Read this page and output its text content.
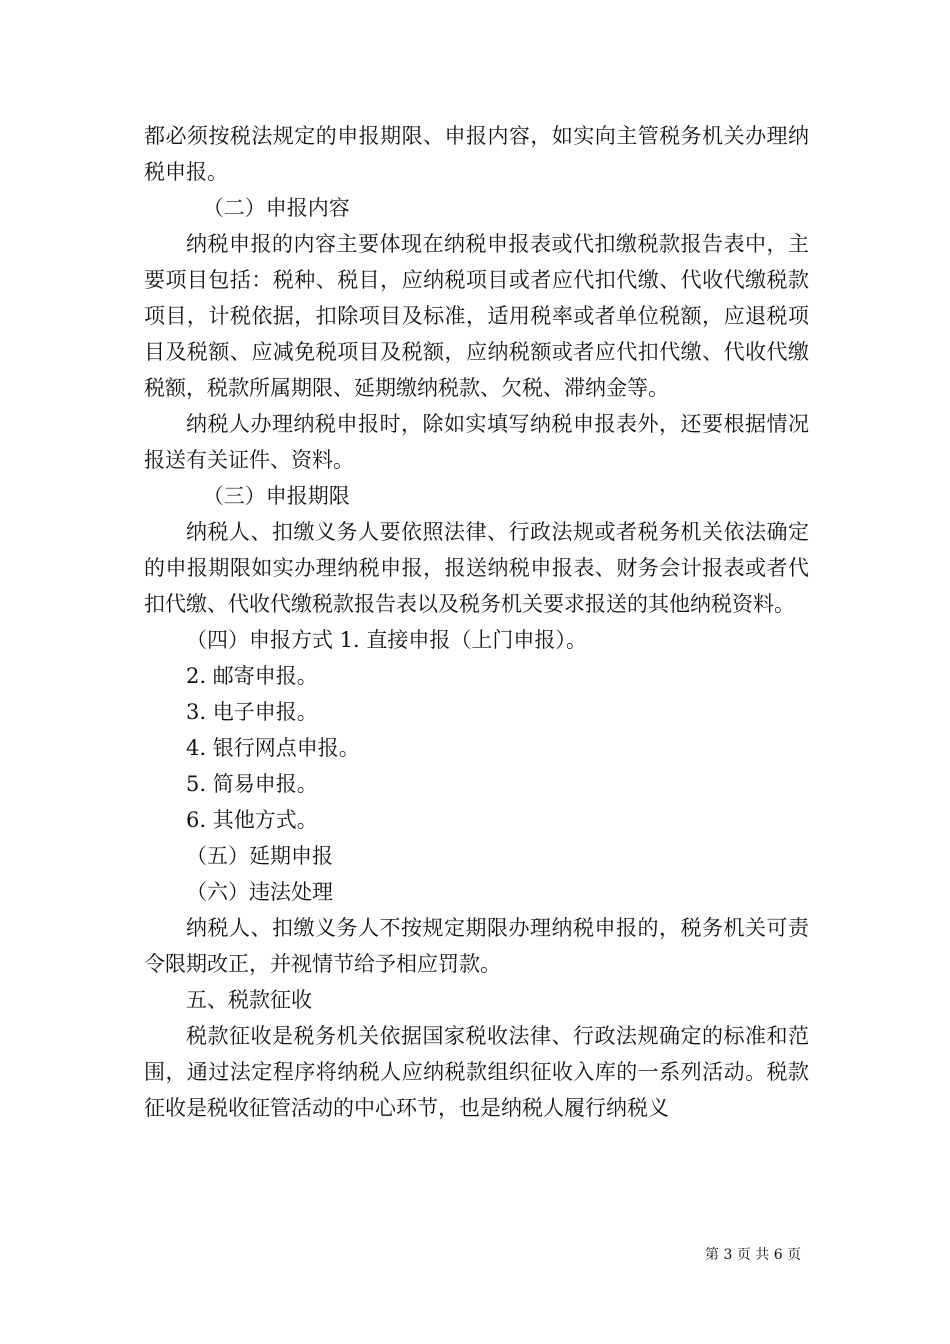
都必须按税法规定的申报期限、申报内容，如实向主管税务机关办理纳税申报。

（二）申报内容

纳税申报的内容主要体现在纳税申报表或代扣缴税款报告表中，主要项目包括：税种、税目，应纳税项目或者应代扣代缴、代收代缴税款项目，计税依据，扣除项目及标准，适用税率或者单位税额，应退税项目及税额、应减免税项目及税额，应纳税额或者应代扣代缴、代收代缴税额，税款所属期限、延期缴纳税款、欠税、滞纳金等。

纳税人办理纳税申报时，除如实填写纳税申报表外，还要根据情况报送有关证件、资料。

（三）申报期限

纳税人、扣缴义务人要依照法律、行政法规或者税务机关依法确定的申报期限如实办理纳税申报，报送纳税申报表、财务会计报表或者代扣代缴、代收代缴税款报告表以及税务机关要求报送的其他纳税资料。

（四）申报方式 1. 直接申报（上门申报）。

2. 邮寄申报。

3. 电子申报。

4. 银行网点申报。

5. 简易申报。

6. 其他方式。

（五）延期申报

（六）违法处理

纳税人、扣缴义务人不按规定期限办理纳税申报的，税务机关可责令限期改正，并视情节给予相应罚款。

五、税款征收

税款征收是税务机关依据国家税收法律、行政法规确定的标准和范围，通过法定程序将纳税人应纳税款组织征收入库的一系列活动。税款征收是税收征管活动的中心环节，也是纳税人履行纳税义

第 3 页 共 6 页
